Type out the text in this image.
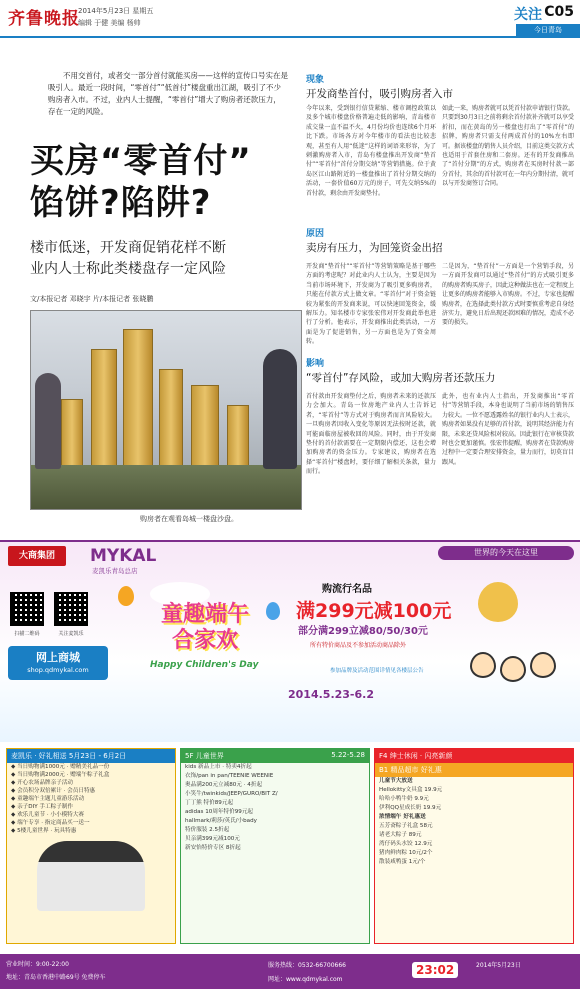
齐鲁晚报
2014年5月23日 星期五
编辑 于健 美编 杨帅	关注 C05
今日青岛
不用交首付，或者交一部分首付就能买房——这样的宣传口号实在是吸引人。最近一段时间，“零首付”“低首付”楼盘重出江湖，吸引了不少购房者入市。不过，业内人士提醒，“零首付”增大了购房者还款压力，存在一定的风险。
买房“零首付”
馅饼?陷阱?
楼市低迷，开发商促销花样不断
业内人士称此类楼盘存一定风险
文/本报记者 邓晓宇 片/本报记者 张晓鹏
购房者在观看岛城一楼盘沙盘。
现象
开发商垫首付，吸引购房者入市
今年以来，受到银行信贷紧缩、楼市调控政策以及多个城市楼盘价格普遍走低的影响，青岛楼市成交量一直不温不火，4月份均价也连续6个月环比下跌。市场各方对今年楼市的看法也比较悲观，甚至有人用“低迷”这样的词语来形容，为了刺激购房者入市，青岛有楼盘推出开发商“垫首付”“零首付”首付分期交纳”等营销措施。位于黄岛区江山路附近的一楼盘推出了首付分期交纳的活动，一套价值60万元的房子，可先交纳5%的首付款，剩余由开发商垫付。
如此一来，购房者就可以凭首付款申请银行贷款。只要到30月3日之前将剩余首付款补齐就可以享受折扣，而在黄岛的另一楼盘也打出了“零首付”的招牌，购房者只需支付两成首付的10%左右即可。据该楼盘的销售人员介绍，目前这类交款方式也适用于首套住房和二套房。还有的开发商推出了“首付分期”的方式，购房者在买房时付款一部分首付，其余的首付款可在一年内分期付清，就可以与开发商签订合同。
原因
卖房有压力，为回笼资金出招
开发商“垫首付”“零首付”等营销策略是基于哪些方面的考虑呢？对此业内人士认为，主要是因为当前市场环境下，开发商为了吸引更多购房者，只能在付款方式上做文章。“零首付”对于资金链较为紧张的开发商来说，可以快速回笼资金，缓解压力。知名楼市专家张宏伟对开发商此举也进行了分析。他表示，开发商推出此类活动，一方面是为了促进销售，另一方面也是为了资金周转。
二是因为，“垫首付”一方面是一个营销手段，另一方面开发商可以通过“垫首付”的方式吸引更多的购房者购买房子，因此这种做法也在一定程度上让更多的购房者能够入市购房。不过，专家也提醒购房者，在选择此类付款方式时要慎重考虑自身经济实力，避免日后出现还款困难的情况，造成不必要的损失。
影响
“零首付”存风险，或加大购房者还款压力
首付款由开发商垫付之后，购房者未来的还款压力会加大。青岛一位房地产业内人士告诉记者，“零首付”等方式对于购房者而言风险较大。一旦购房者因收入变化等原因无法按时还款，就可能面临房屋被收回的风险。同时，由于开发商垫付的首付款需要在一定期限内偿还，这也会增加购房者的资金压力。专家建议，购房者在选择“零首付”楼盘时，要仔细了解相关条款，量力而行。
此外，也有业内人士指出，开发商推出“零首付”等营销手段，本身也说明了当前市场的销售压力较大。一位不愿透露姓名的银行业内人士表示，购房者如果没有足够的首付款，说明其经济能力有限，未来还贷风险相对较高。因此银行在审核贷款时也会更加谨慎。张宏伟提醒，购房者在贷款购房过程中一定要合理安排资金，量力而行，切莫盲目跟风。
大商集团	MYKAL
麦凯乐青岛总店
世界的今天在这里
扫描二维码	关注麦凯乐
网上商城
shop.qdmykal.com
童趣端午
合家欢
Happy Children's Day
购流行名品
满299元减100元
部分满299立减80/50/30元
所有特价商品及不参加活动商品除外
参加品牌及活动范围详情见各楼层公告
2014.5.23-6.2
麦凯乐 · 好礼相送 5月23日 - 6月2日
◆ 当日购物满1000元 · 赠精美礼品一份
◆ 当日购物满2000元 · 赠端午粽子礼盒
◆ 开心农场品牌亲子活动
◆ 会员积分双倍累计 · 会员日特惠
◆ 童趣端午主题儿童游乐活动
◆ 亲子DIY 手工粽子制作
◆ 欢乐儿童节 · 小小模特大赛
◆ 端午专享 · 指定商品买一送一
◆ 5楼儿童世界 · 玩具特惠
5F 儿童世界	5.22-5.28
kids 新品上市 · 特卖4折起
衣饰/pan in pan/TEENIE WEENIE
奥品满200元立减80元 · 4折起
小笑牛/twinkids/JEEP/GURO/BIT Z/
丁丁熊 特价89元起
adidas 10周年特价99元起
hallmark/莉莎/英氏/小bady
特价服装 2.5折起
贝亲满399元减100元
新安怡特价专区 8折起
F4 绅士休闲 · 闪亮新颜
B1 精品超市 好礼惠
儿童节大放送
Hellokitty文具盒 19.9元
哈哈小鸭牛奶 9.9元
伊利QQ星成长奶 19.9元
浓情端午 好礼惠送
五芳斋粽子礼盒 58元
诸老大粽子 89元
湾仔码头水饺 12.9元
猪肉鲜肉粽 10元/2个
散装咸鸭蛋 1元/个
营业时间：9:00-22:00
地址：青岛市香港中路69号 免费停车
服务热线：0532-66700666
网址：www.qdmykal.com
23:02	2014年5月23日
